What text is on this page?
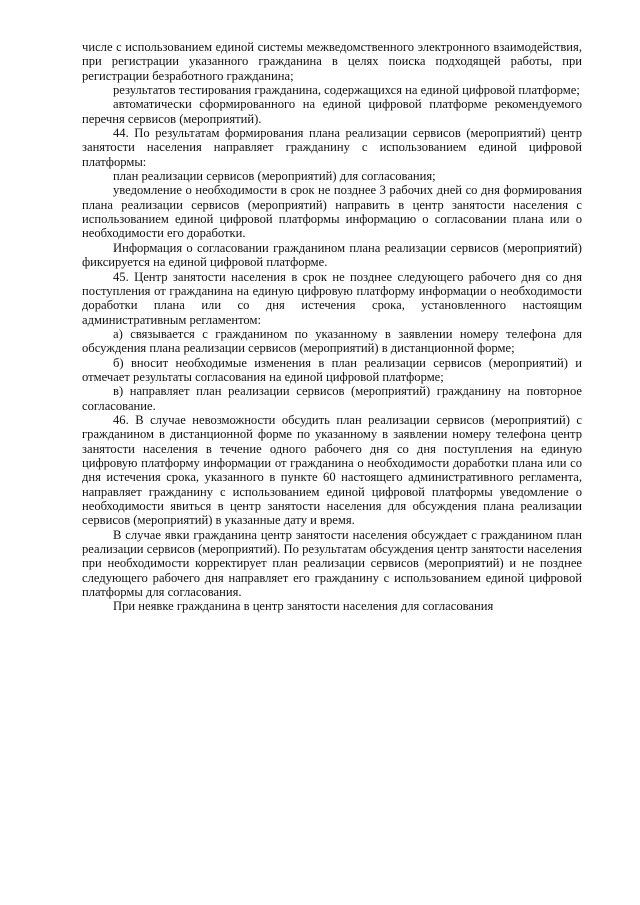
числе с использованием единой системы межведомственного электронного взаимодействия, при регистрации указанного гражданина в целях поиска подходящей работы, при регистрации безработного гражданина;

результатов тестирования гражданина, содержащихся на единой цифровой платформе;

автоматически сформированного на единой цифровой платформе рекомендуемого перечня сервисов (мероприятий).

44. По результатам формирования плана реализации сервисов (мероприятий) центр занятости населения направляет гражданину с использованием единой цифровой платформы:

план реализации сервисов (мероприятий) для согласования;

уведомление о необходимости в срок не позднее 3 рабочих дней со дня формирования плана реализации сервисов (мероприятий) направить в центр занятости населения с использованием единой цифровой платформы информацию о согласовании плана или о необходимости его доработки.

Информация о согласовании гражданином плана реализации сервисов (мероприятий) фиксируется на единой цифровой платформе.

45. Центр занятости населения в срок не позднее следующего рабочего дня со дня поступления от гражданина на единую цифровую платформу информации о необходимости доработки плана или со дня истечения срока, установленного настоящим административным регламентом:

а) связывается с гражданином по указанному в заявлении номеру телефона для обсуждения плана реализации сервисов (мероприятий) в дистанционной форме;

б) вносит необходимые изменения в план реализации сервисов (мероприятий) и отмечает результаты согласования на единой цифровой платформе;

в) направляет план реализации сервисов (мероприятий) гражданину на повторное согласование.

46. В случае невозможности обсудить план реализации сервисов (мероприятий) с гражданином в дистанционной форме по указанному в заявлении номеру телефона центр занятости населения в течение одного рабочего дня со дня поступления на единую цифровую платформу информации от гражданина о необходимости доработки плана или со дня истечения срока, указанного в пункте 60 настоящего административного регламента, направляет гражданину с использованием единой цифровой платформы уведомление о необходимости явиться в центр занятости населения для обсуждения плана реализации сервисов (мероприятий) в указанные дату и время.

В случае явки гражданина центр занятости населения обсуждает с гражданином план реализации сервисов (мероприятий). По результатам обсуждения центр занятости населения при необходимости корректирует план реализации сервисов (мероприятий) и не позднее следующего рабочего дня направляет его гражданину с использованием единой цифровой платформы для согласования.

При неявке гражданина в центр занятости населения для согласования
